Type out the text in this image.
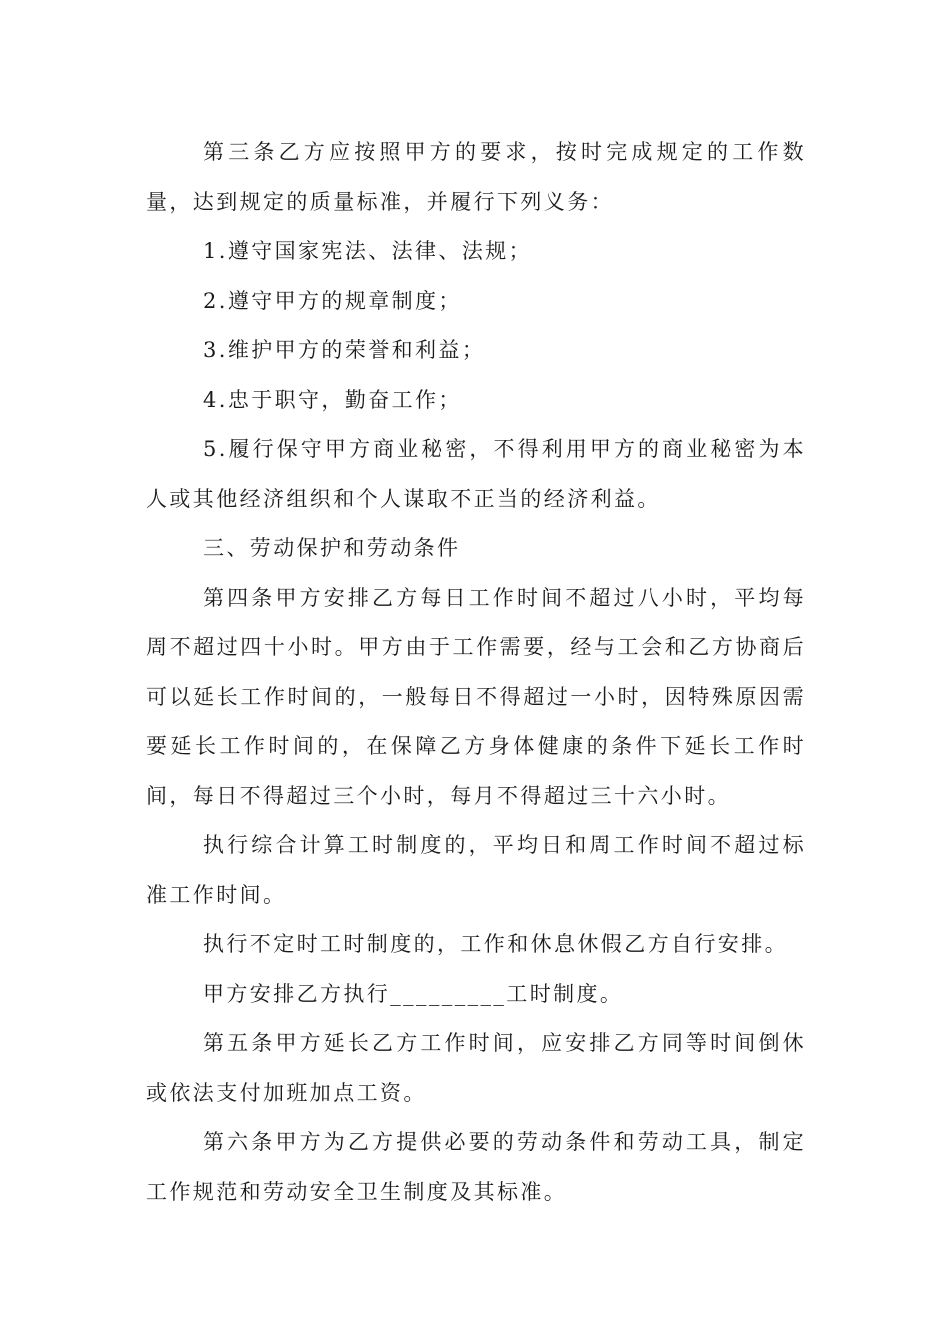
第三条乙方应按照甲方的要求，按时完成规定的工作数量，达到规定的质量标准，并履行下列义务：

1.遵守国家宪法、法律、法规；

2.遵守甲方的规章制度；

3.维护甲方的荣誉和利益；

4.忠于职守，勤奋工作；

5.履行保守甲方商业秘密，不得利用甲方的商业秘密为本人或其他经济组织和个人谋取不正当的经济利益。

三、劳动保护和劳动条件

第四条甲方安排乙方每日工作时间不超过八小时，平均每周不超过四十小时。甲方由于工作需要，经与工会和乙方协商后可以延长工作时间的，一般每日不得超过一小时，因特殊原因需要延长工作时间的，在保障乙方身体健康的条件下延长工作时间，每日不得超过三个小时，每月不得超过三十六小时。

执行综合计算工时制度的，平均日和周工作时间不超过标准工作时间。

执行不定时工时制度的，工作和休息休假乙方自行安排。

甲方安排乙方执行_________工时制度。

第五条甲方延长乙方工作时间，应安排乙方同等时间倒休或依法支付加班加点工资。

第六条甲方为乙方提供必要的劳动条件和劳动工具，制定工作规范和劳动安全卫生制度及其标准。
